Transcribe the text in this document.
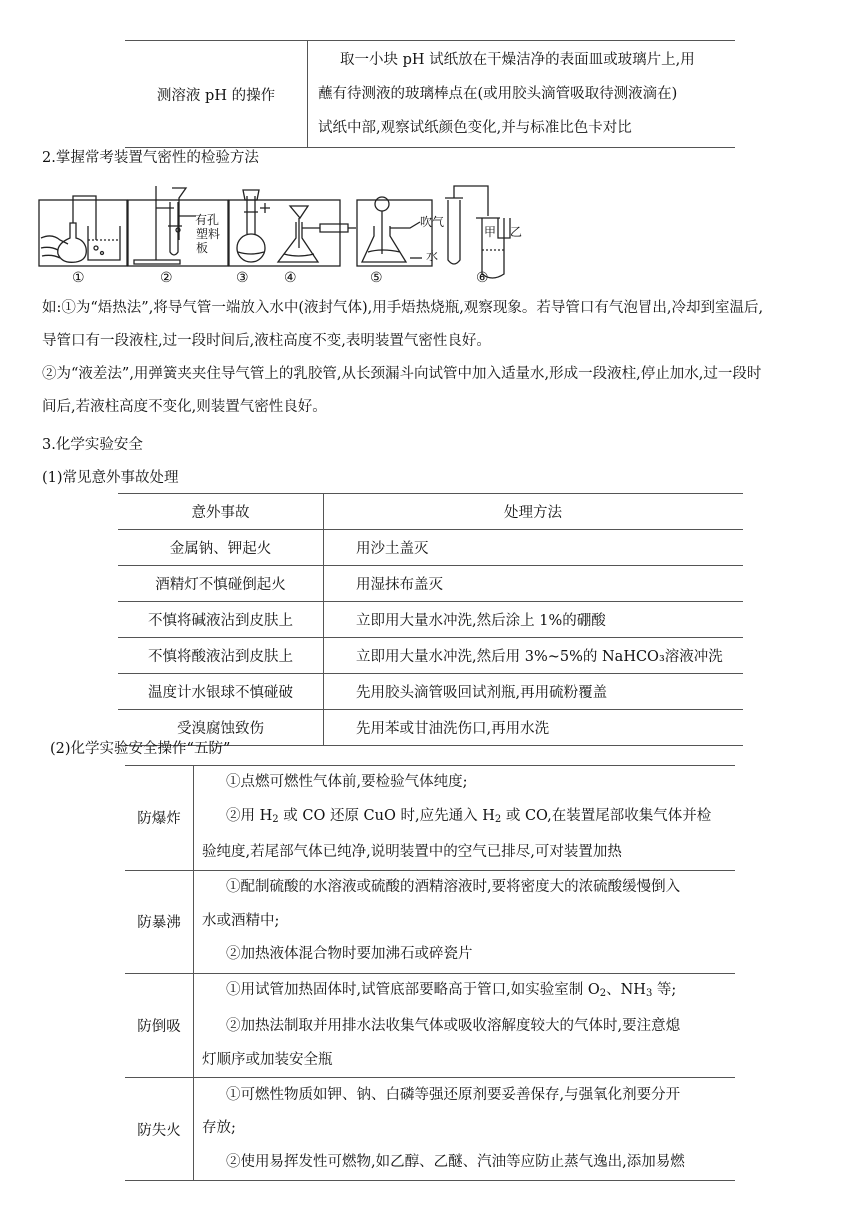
测溶液 pH 的操作	
取一小块 pH 试纸放在干燥洁净的表面皿或玻璃片上,用
蘸有待测液的玻璃棒点在(或用胶头滴管吸取待测液滴在)
试纸中部,观察试纸颜色变化,并与标准比色卡对比
2.掌握常考装置气密性的检验方法
①	②	③	④	⑤	⑥
有孔
塑料
板
吹气
水
甲 乙
如:①为“焐热法”,将导气管一端放入水中(液封气体),用手焐热烧瓶,观察现象。若导管口有气泡冒出,冷却到室温后,
导管口有一段液柱,过一段时间后,液柱高度不变,表明装置气密性良好。
②为“液差法”,用弹簧夹夹住导气管上的乳胶管,从长颈漏斗向试管中加入适量水,形成一段液柱,停止加水,过一段时
间后,若液柱高度不变化,则装置气密性良好。
3.化学实验安全
(1)常见意外事故处理
意外事故	处理方法
金属钠、钾起火	用沙土盖灭
酒精灯不慎碰倒起火	用湿抹布盖灭
不慎将碱液沾到皮肤上	立即用大量水冲洗,然后涂上 1%的硼酸
不慎将酸液沾到皮肤上	立即用大量水冲洗,然后用 3%~5%的 NaHCO₃溶液冲洗
温度计水银球不慎碰破	先用胶头滴管吸回试剂瓶,再用硫粉覆盖
受溴腐蚀致伤	先用苯或甘油洗伤口,再用水洗
(2)化学实验安全操作“五防”
防爆炸	①点燃可燃性气体前,要检验气体纯度;
②用 $H_2$ 或 CO 还原 CuO 时,应先通入 $H_2$ 或 CO,在装置尾部收集气体并检
验纯度,若尾部气体已纯净,说明装置中的空气已排尽,可对装置加热

防暴沸	①配制硫酸的水溶液或硫酸的酒精溶液时,要将密度大的浓硫酸缓慢倒入
水或酒精中;
②加热液体混合物时要加沸石或碎瓷片

防倒吸	①用试管加热固体时,试管底部要略高于管口,如实验室制 $O_2$、$NH_3$ 等;
②加热法制取并用排水法收集气体或吸收溶解度较大的气体时,要注意熄
灯顺序或加装安全瓶

防失火	①可燃性物质如钾、钠、白磷等强还原剂要妥善保存,与强氧化剂要分开
存放;
②使用易挥发性可燃物,如乙醇、乙醚、汽油等应防止蒸气逸出,添加易燃
